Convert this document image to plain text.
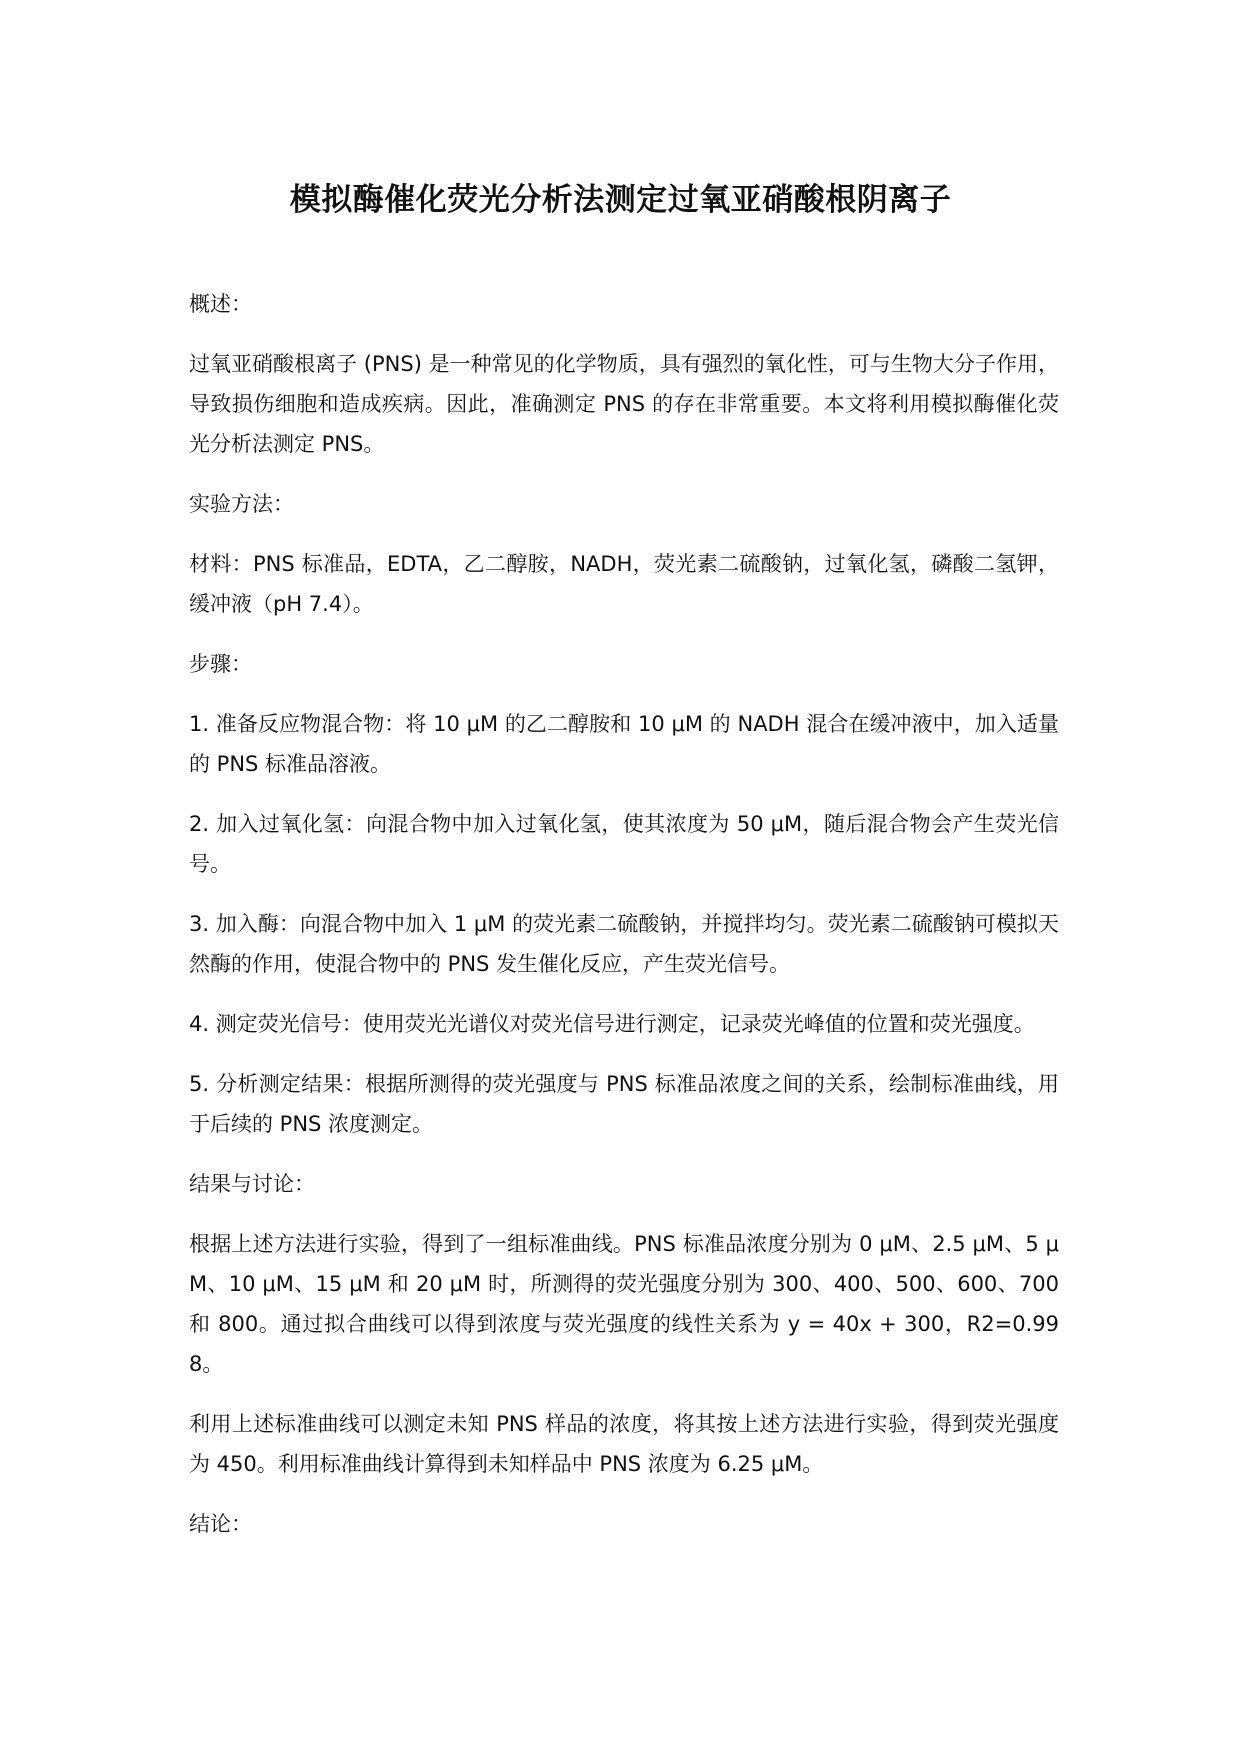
模拟酶催化荧光分析法测定过氧亚硝酸根阴离子

概述：

过氧亚硝酸根离子 (PNS) 是一种常见的化学物质，具有强烈的氧化性，可与生物大分子作用，导致损伤细胞和造成疾病。因此，准确测定 PNS 的存在非常重要。本文将利用模拟酶催化荧光分析法测定 PNS。

实验方法：

材料：PNS 标准品，EDTA，乙二醇胺，NADH，荧光素二硫酸钠，过氧化氢，磷酸二氢钾，缓冲液（pH 7.4）。

步骤：

1. 准备反应物混合物：将 10 μM 的乙二醇胺和 10 μM 的 NADH 混合在缓冲液中，加入适量的 PNS 标准品溶液。

2. 加入过氧化氢：向混合物中加入过氧化氢，使其浓度为 50 μM，随后混合物会产生荧光信号。

3. 加入酶：向混合物中加入 1 μM 的荧光素二硫酸钠，并搅拌均匀。荧光素二硫酸钠可模拟天然酶的作用，使混合物中的 PNS 发生催化反应，产生荧光信号。

4. 测定荧光信号：使用荧光光谱仪对荧光信号进行测定，记录荧光峰值的位置和荧光强度。

5. 分析测定结果：根据所测得的荧光强度与 PNS 标准品浓度之间的关系，绘制标准曲线，用于后续的 PNS 浓度测定。

结果与讨论：

根据上述方法进行实验，得到了一组标准曲线。PNS 标准品浓度分别为 0 μM、2.5 μM、5 μM、10 μM、15 μM 和 20 μM 时，所测得的荧光强度分别为 300、400、500、600、700 和 800。通过拟合曲线可以得到浓度与荧光强度的线性关系为 y = 40x + 300，R2=0.998。

利用上述标准曲线可以测定未知 PNS 样品的浓度，将其按上述方法进行实验，得到荧光强度为 450。利用标准曲线计算得到未知样品中 PNS 浓度为 6.25 μM。

结论：
